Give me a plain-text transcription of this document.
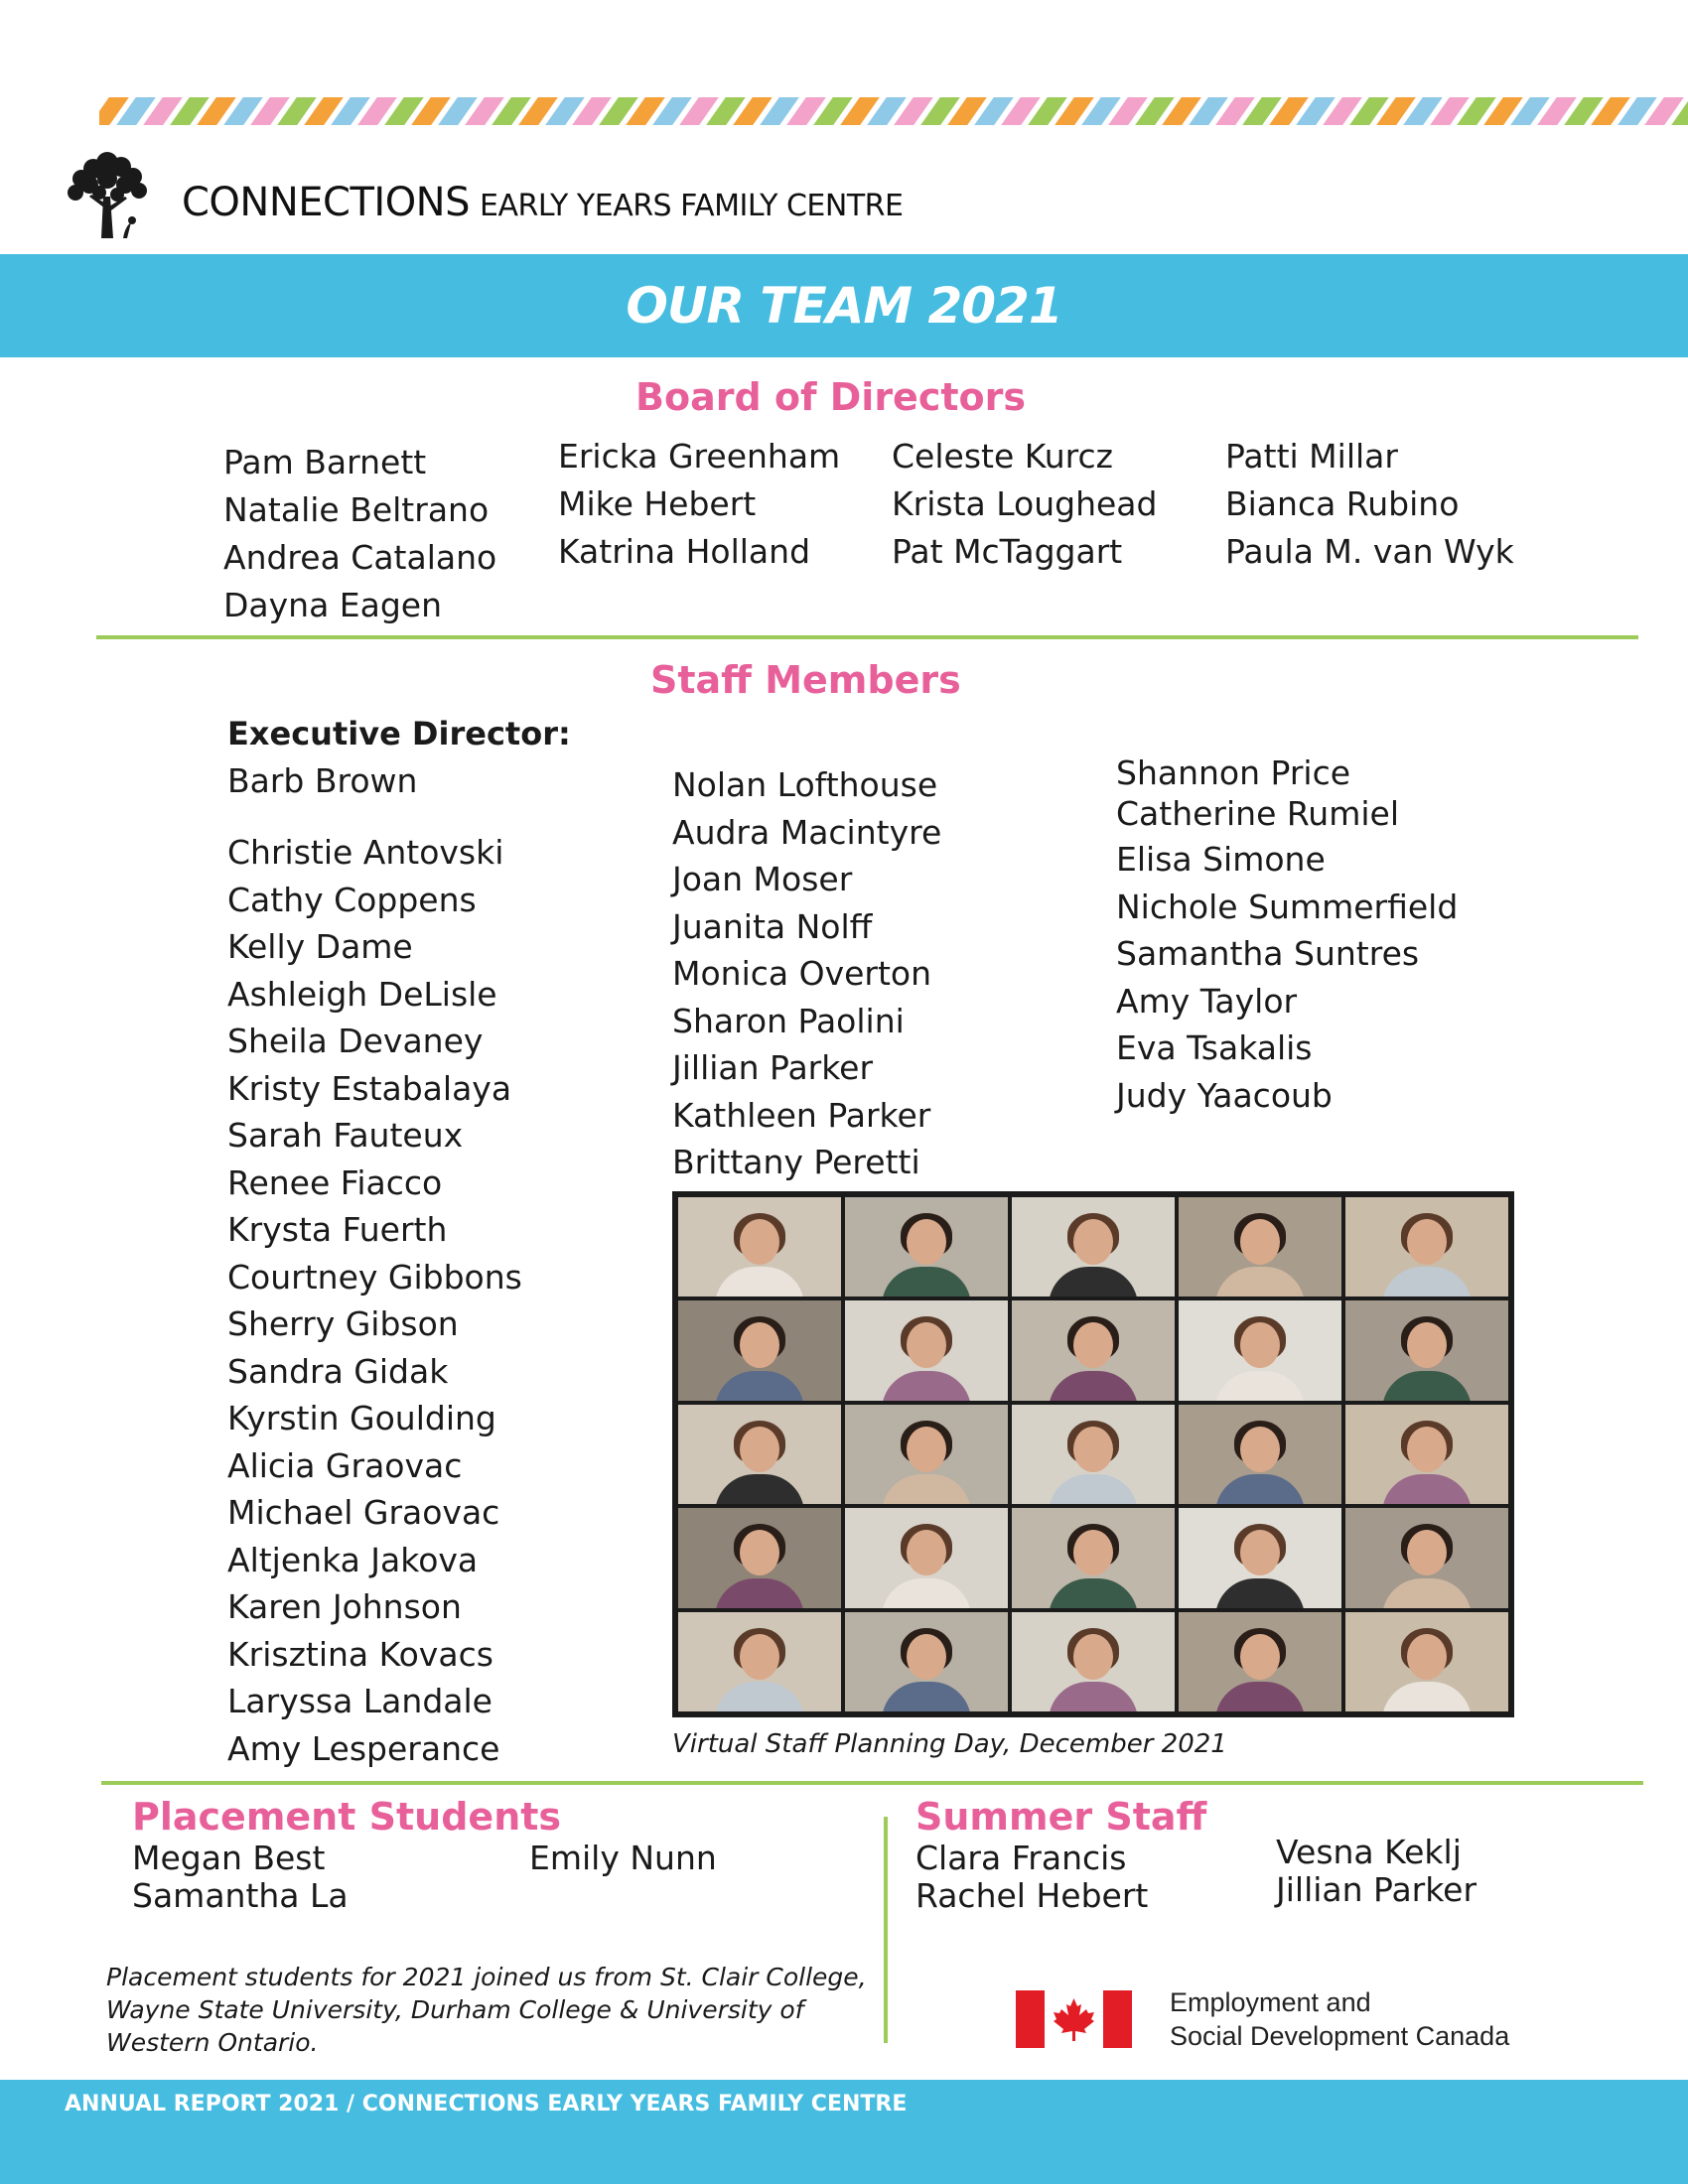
CONNECTIONS EARLY YEARS FAMILY CENTRE
OUR TEAM 2021
Board of Directors
Pam Barnett
Natalie Beltrano
Andrea Catalano
Dayna Eagen
Ericka Greenham
Mike Hebert
Katrina Holland
Celeste Kurcz
Krista Loughead
Pat McTaggart
Patti Millar
Bianca Rubino
Paula M. van Wyk
Staff Members
Executive Director:
Barb Brown
Christie Antovski
Cathy Coppens
Kelly Dame
Ashleigh DeLisle
Sheila Devaney
Kristy Estabalaya
Sarah Fauteux
Renee Fiacco
Krysta Fuerth
Courtney Gibbons
Sherry Gibson
Sandra Gidak
Kyrstin Goulding
Alicia Graovac
Michael Graovac
Altjenka Jakova
Karen Johnson
Krisztina Kovacs
Laryssa Landale
Amy Lesperance
Nolan Lofthouse
Audra Macintyre
Joan Moser
Juanita Nolff
Monica Overton
Sharon Paolini
Jillian Parker
Kathleen Parker
Brittany Peretti
Shannon Price
Catherine Rumiel
Elisa Simone
Nichole Summerfield
Samantha Suntres
Amy Taylor
Eva Tsakalis
Judy Yaacoub
Virtual Staff Planning Day, December 2021
Placement Students
Megan Best
Samantha La
Emily Nunn
Placement students for 2021 joined us from St. Clair College, Wayne State University, Durham College & University of Western Ontario.
Summer Staff
Clara Francis
Rachel Hebert
Vesna Keklj
Jillian Parker
Employment and
Social Development Canada
ANNUAL REPORT 2021 / CONNECTIONS EARLY YEARS FAMILY CENTRE
